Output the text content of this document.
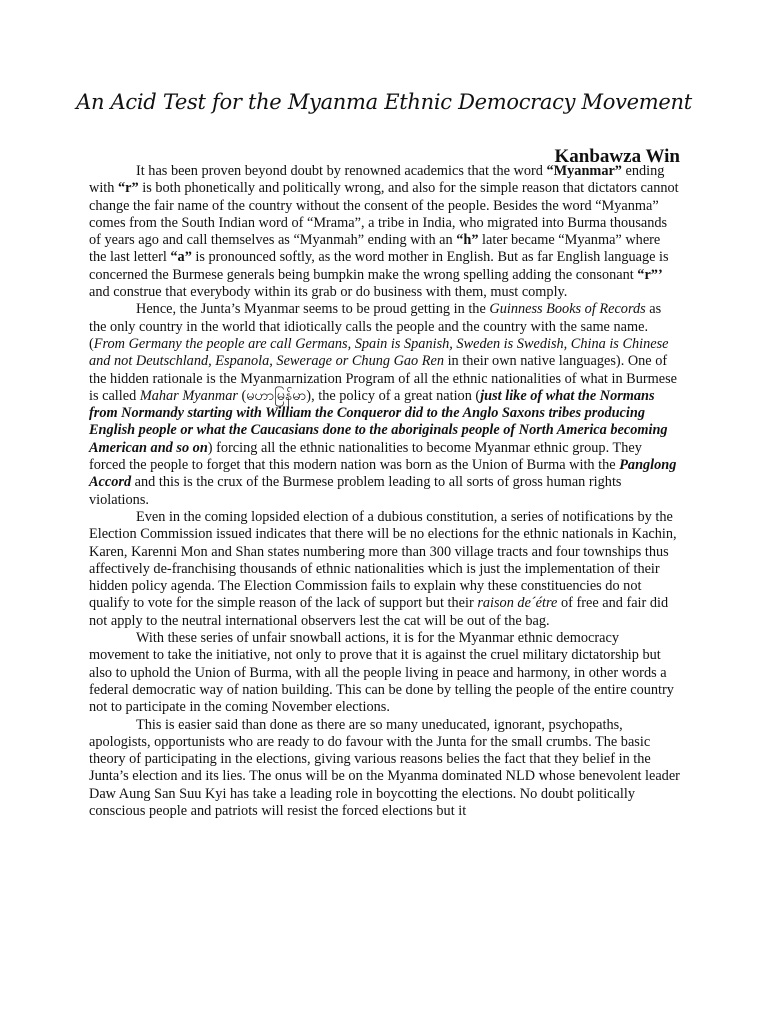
An Acid Test for the Myanma Ethnic Democracy Movement
Kanbawza Win

It has been proven beyond doubt by renowned academics that the word “Myanmar” ending with “r” is both phonetically and politically wrong, and also for the simple reason that dictators cannot change the fair name of the country without the consent of the people. Besides the word “Myanma” comes from the South Indian word of “Mrama”, a tribe in India, who migrated into Burma thousands of years ago and call themselves as “Myanmah” ending with an “h” later became “Myanma” where the last letterl “a” is pronounced softly, as the word mother in English. But as far English language is concerned the Burmese generals being bumpkin make the wrong spelling adding the consonant “r”’ and construe that everybody within its grab or do business with them, must comply.

Hence, the Junta’s Myanmar seems to be proud getting in the Guinness Books of Records as the only country in the world that idiotically calls the people and the country with the same name. (From Germany the people are call Germans, Spain is Spanish, Sweden is Swedish, China is Chinese and not Deutschland, Espanola, Sewerage or Chung Gao Ren in their own native languages). One of the hidden rationale is the Myanmarnization Program of all the ethnic nationalities of what in Burmese is called Mahar Myanmar (မဟာမြန်မာ), the policy of a great nation (just like of what the Normans from Normandy starting with William the Conqueror did to the Anglo Saxons tribes producing English people or what the Caucasians done to the aboriginals people of North America becoming American and so on) forcing all the ethnic nationalities to become Myanmar ethnic group. They forced the people to forget that this modern nation was born as the Union of Burma with the Panglong Accord and this is the crux of the Burmese problem leading to all sorts of gross human rights violations.

Even in the coming lopsided election of a dubious constitution, a series of notifications by the Election Commission issued indicates that there will be no elections for the ethnic nationals in Kachin, Karen, Karenni Mon and Shan states numbering more than 300 village tracts and four townships thus affectively de-franchising thousands of ethnic nationalities which is just the implementation of their hidden policy agenda. The Election Commission fails to explain why these constituencies do not qualify to vote for the simple reason of the lack of support but their raison de´étre of free and fair did not apply to the neutral international observers lest the cat will be out of the bag.

With these series of unfair snowball actions, it is for the Myanmar ethnic democracy movement to take the initiative, not only to prove that it is against the cruel military dictatorship but also to uphold the Union of Burma, with all the people living in peace and harmony, in other words a federal democratic way of nation building. This can be done by telling the people of the entire country not to participate in the coming November elections.

This is easier said than done as there are so many uneducated, ignorant, psychopaths, apologists, opportunists who are ready to do favour with the Junta for the small crumbs. The basic theory of participating in the elections, giving various reasons belies the fact that they belief in the Junta’s election and its lies. The onus will be on the Myanma dominated NLD whose benevolent leader Daw Aung San Suu Kyi has take a leading role in boycotting the elections. No doubt politically conscious people and patriots will resist the forced elections but it
